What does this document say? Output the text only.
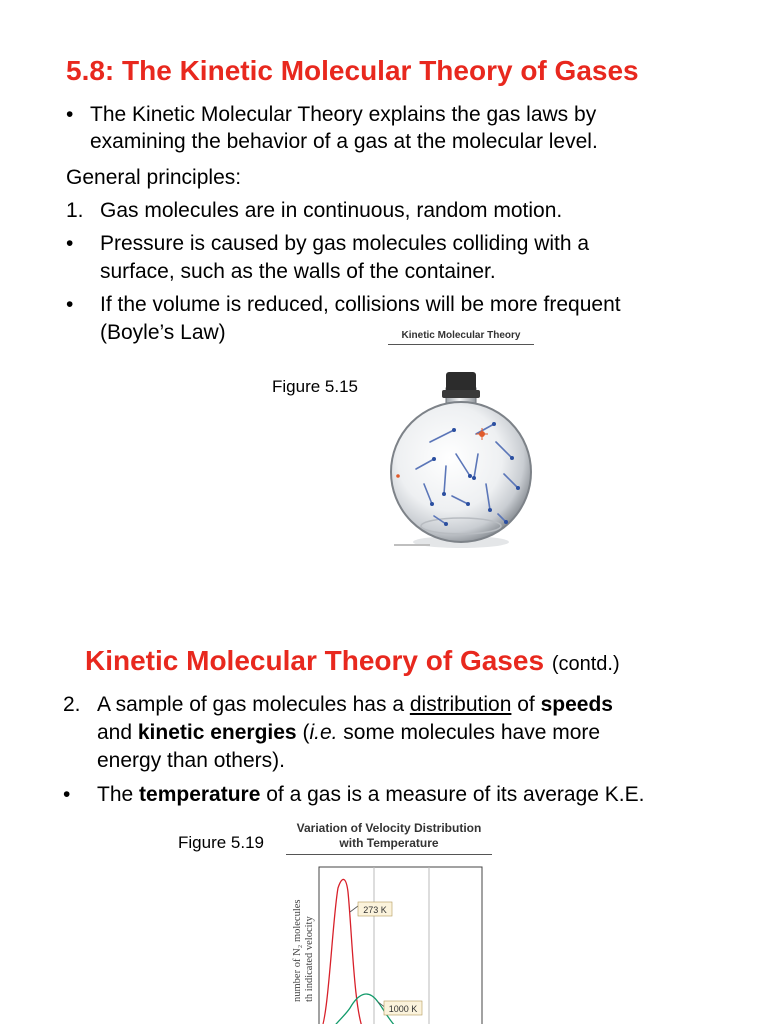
5.8: The Kinetic Molecular Theory of Gases
• The Kinetic Molecular Theory explains the gas laws by
examining the behavior of a gas at the molecular level.
General principles:
1. Gas molecules are in continuous, random motion.
• Pressure is caused by gas molecules colliding with a
surface, such as the walls of the container.
• If the volume is reduced, collisions will be more frequent
(Boyle’s Law)
Figure 5.15
Kinetic Molecular Theory
Kinetic Molecular Theory of Gases (contd.)
2. A sample of gas molecules has a distribution of speeds
and kinetic energies (i.e. some molecules have more
energy than others).
• The temperature of a gas is a measure of its average K.E.
Figure 5.19
Variation of Velocity Distribution
with Temperature
number of N₂ molecules th indicated velocity
273 K
1000 K
